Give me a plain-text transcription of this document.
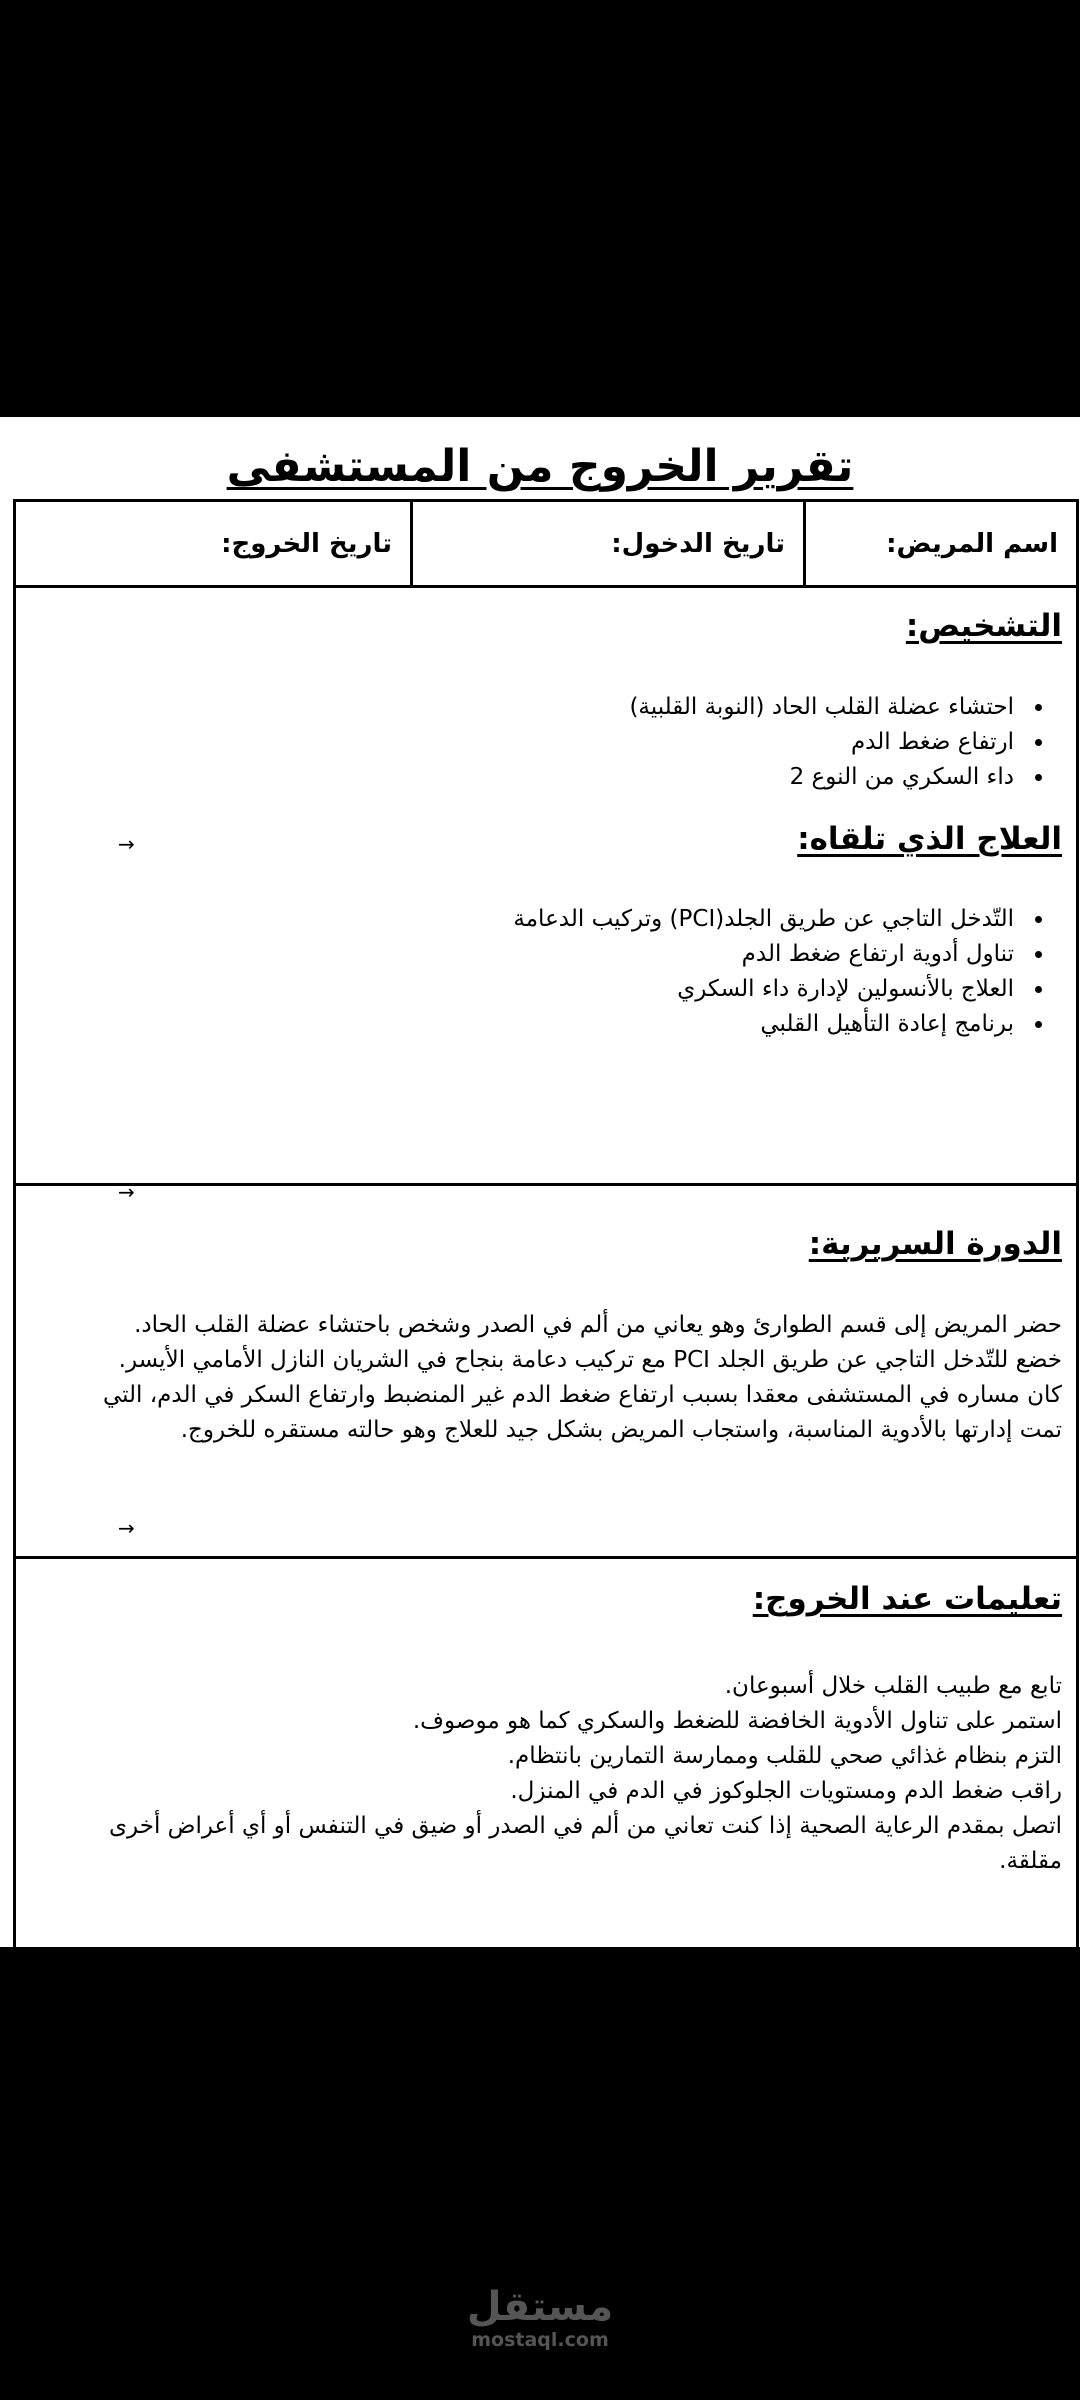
تقرير الخروج من المستشفى
اسم المريض:
تاريخ الدخول:
تاريخ الخروج:
التشخيص:
• احتشاء عضلة القلب الحاد (النوبة القلبية)
• ارتفاع ضغط الدم
• داء السكري من النوع 2
العلاج الذي تلقاه:
→
• التّدخل التاجي عن طريق الجلد(PCI) وتركيب الدعامة
• تناول أدوية ارتفاع ضغط الدم
• العلاج بالأنسولين لإدارة داء السكري
• برنامج إعادة التأهيل القلبي
→
الدورة السريرية:
حضر المريض إلى قسم الطوارئ وهو يعاني من ألم في الصدر وشخص باحتشاء عضلة القلب الحاد.
خضع للتّدخل التاجي عن طريق الجلد PCI مع تركيب دعامة بنجاح في الشريان النازل الأمامي الأيسر.
كان مساره في المستشفى معقدا بسبب ارتفاع ضغط الدم غير المنضبط وارتفاع السكر في الدم، التي
تمت إدارتها بالأدوية المناسبة، واستجاب المريض بشكل جيد للعلاج وهو حالته مستقره للخروج.
→
تعليمات عند الخروج:
تابع مع طبيب القلب خلال أسبوعان.
استمر على تناول الأدوية الخافضة للضغط والسكري كما هو موصوف.
التزم بنظام غذائي صحي للقلب وممارسة التمارين بانتظام.
راقب ضغط الدم ومستويات الجلوكوز في الدم في المنزل.
اتصل بمقدم الرعاية الصحية إذا كنت تعاني من ألم في الصدر أو ضيق في التنفس أو أي أعراض أخرى
مقلقة.
مستقل
mostaql.com
